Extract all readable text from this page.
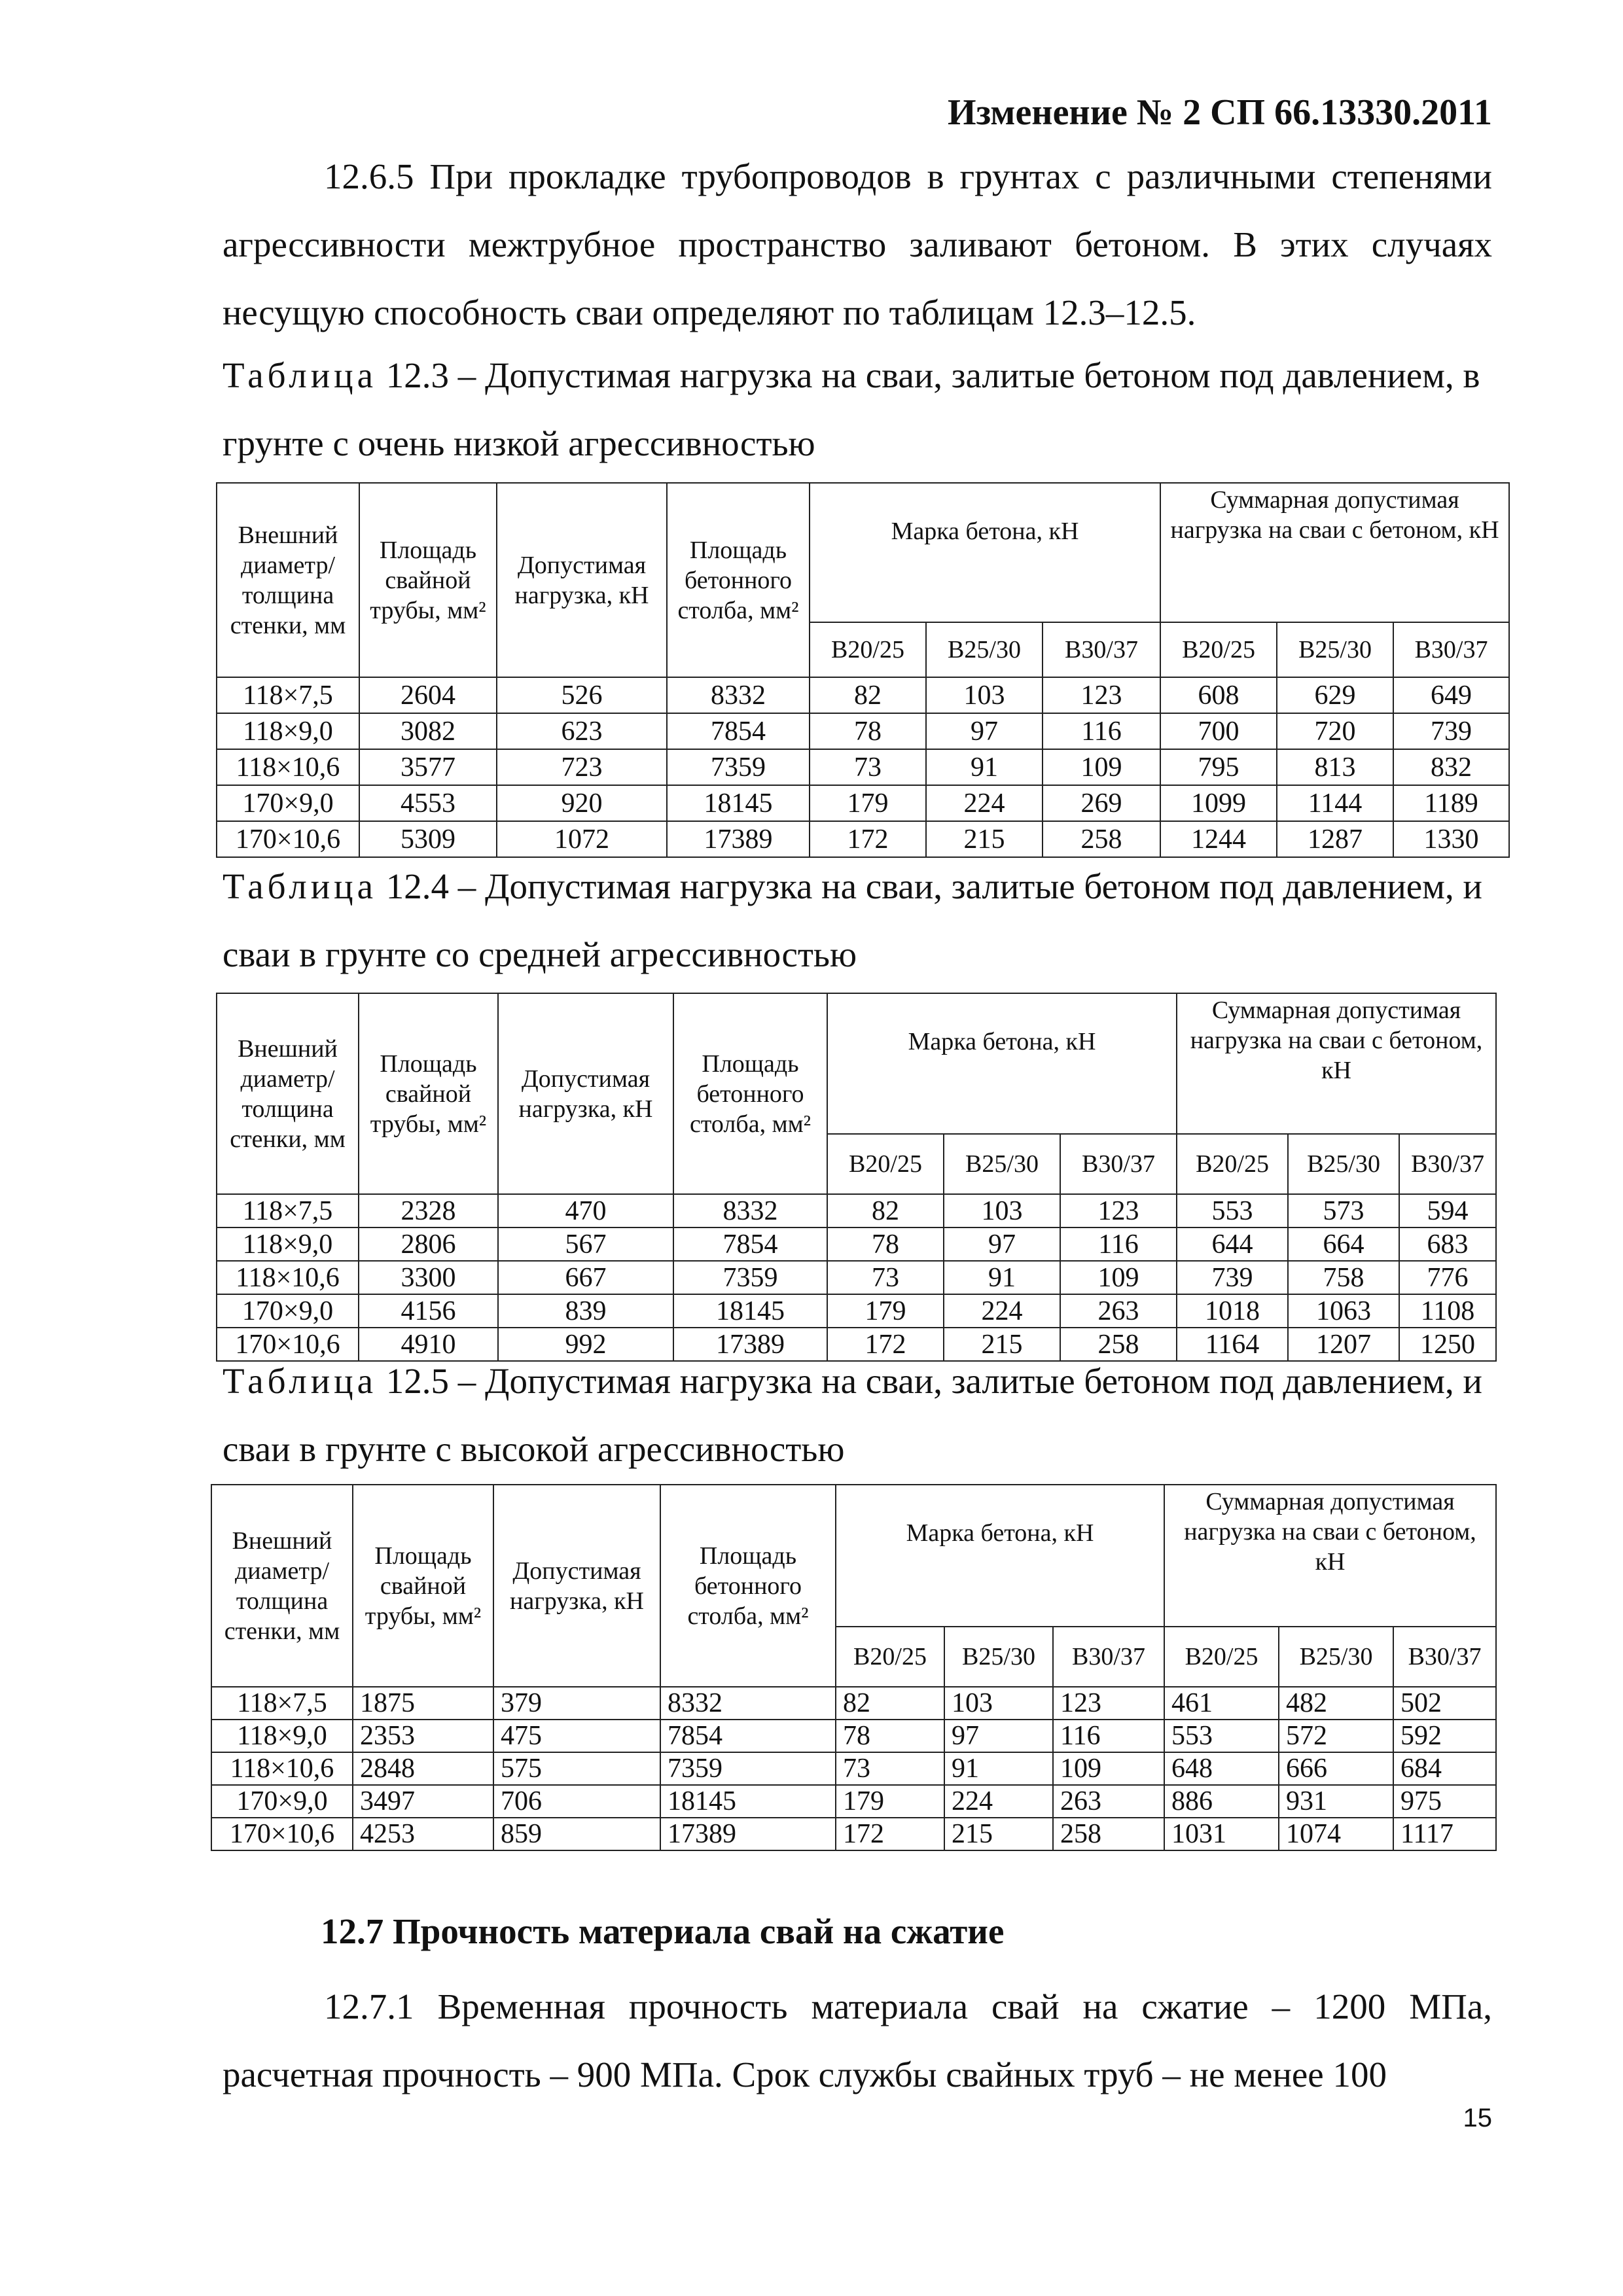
Изменение № 2 СП 66.13330.2011
12.6.5 При прокладке трубопроводов в грунтах с различными степенями агрессивности межтрубное пространство заливают бетоном. В этих случаях несущую способность сваи определяют по таблицам 12.3–12.5.
Таблица 12.3 – Допустимая нагрузка на сваи, залитые бетоном под давлением, в грунте с очень низкой агрессивностью
Внешний диаметр/ толщина стенки, мм	Площадь свайной трубы, мм²	Допустимая нагрузка, кН	Площадь бетонного столба, мм²	Марка бетона, кН			Суммарная допустимая нагрузка на сваи с бетоном, кН		
				В20/25	В25/30	В30/37	В20/25	В25/30	В30/37
118×7,5	2604	526	8332	82	103	123	608	629	649
118×9,0	3082	623	7854	78	97	116	700	720	739
118×10,6	3577	723	7359	73	91	109	795	813	832
170×9,0	4553	920	18145	179	224	269	1099	1144	1189
170×10,6	5309	1072	17389	172	215	258	1244	1287	1330
Таблица 12.4 – Допустимая нагрузка на сваи, залитые бетоном под давлением, и сваи в грунте со средней агрессивностью
Внешний диаметр/ толщина стенки, мм	Площадь свайной трубы, мм²	Допустимая нагрузка, кН	Площадь бетонного столба, мм²	Марка бетона, кН			Суммарная допустимая нагрузка на сваи с бетоном, кН		
				В20/25	В25/30	В30/37	В20/25	В25/30	В30/37
118×7,5	2328	470	8332	82	103	123	553	573	594
118×9,0	2806	567	7854	78	97	116	644	664	683
118×10,6	3300	667	7359	73	91	109	739	758	776
170×9,0	4156	839	18145	179	224	263	1018	1063	1108
170×10,6	4910	992	17389	172	215	258	1164	1207	1250
Таблица 12.5 – Допустимая нагрузка на сваи, залитые бетоном под давлением, и сваи в грунте с высокой агрессивностью
Внешний диаметр/ толщина стенки, мм	Площадь свайной трубы, мм²	Допустимая нагрузка, кН	Площадь бетонного столба, мм²	Марка бетона, кН			Суммарная допустимая нагрузка на сваи с бетоном, кН		
				В20/25	В25/30	В30/37	В20/25	В25/30	В30/37
118×7,5	1875	379	8332	82	103	123	461	482	502
118×9,0	2353	475	7854	78	97	116	553	572	592
118×10,6	2848	575	7359	73	91	109	648	666	684
170×9,0	3497	706	18145	179	224	263	886	931	975
170×10,6	4253	859	17389	172	215	258	1031	1074	1117
12.7 Прочность материала свай на сжатие
12.7.1 Временная прочность материала свай на сжатие – 1200 МПа, расчетная прочность – 900 МПа. Срок службы свайных труб – не менее 100
15
